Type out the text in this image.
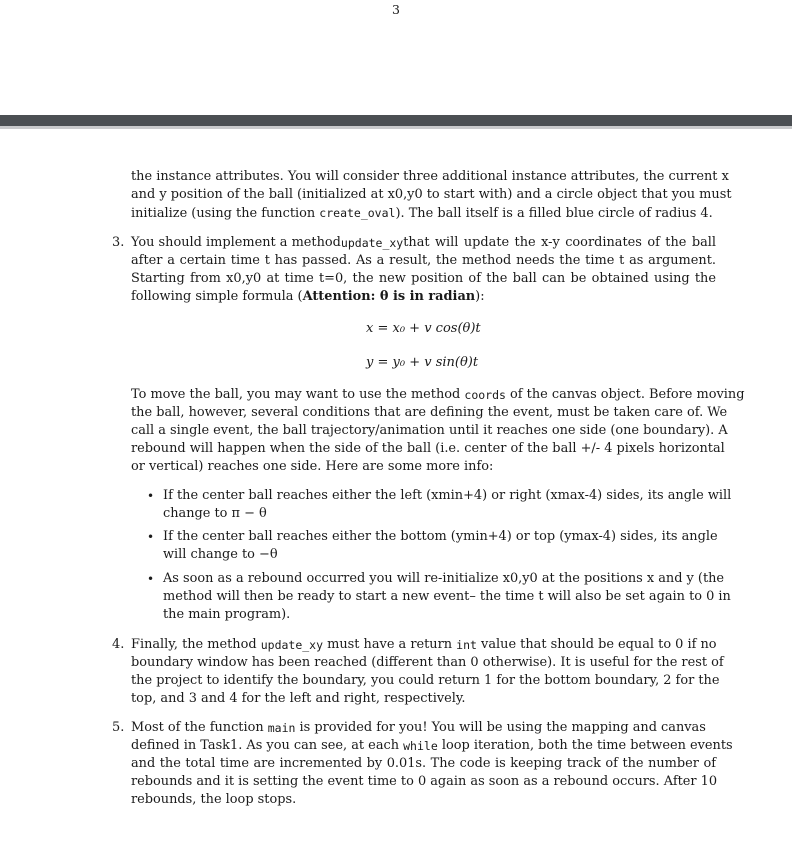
3
the instance attributes. You will consider three additional instance attributes, the current x
and y position of the ball (initialized at x0,y0 to start with) and a circle object that you must
initialize (using the function create_oval). The ball itself is a filled blue circle of radius 4.
3. You should implement a method update_xy that will update the x-y coordinates of the ball
after a certain time t has passed. As a result, the method needs the time t as argument.
Starting from x0,y0 at time t=0, the new position of the ball can be obtained using the
following simple formula (Attention: θ is in radian):
x = x₀ + v cos(θ)t
y = y₀ + v sin(θ)t
To move the ball, you may want to use the method coords of the canvas object. Before moving
the ball, however, several conditions that are defining the event, must be taken care of. We
call a single event, the ball trajectory/animation until it reaches one side (one boundary). A
rebound will happen when the side of the ball (i.e. center of the ball +/- 4 pixels horizontal
or vertical) reaches one side. Here are some more info:
• If the center ball reaches either the left (xmin+4) or right (xmax-4) sides, its angle will
change to π − θ
• If the center ball reaches either the bottom (ymin+4) or top (ymax-4) sides, its angle
will change to −θ
• As soon as a rebound occurred you will re-initialize x0,y0 at the positions x and y (the
method will then be ready to start a new event– the time t will also be set again to 0 in
the main program).
4. Finally, the method update_xy must have a return int value that should be equal to 0 if no
boundary window has been reached (different than 0 otherwise). It is useful for the rest of
the project to identify the boundary, you could return 1 for the bottom boundary, 2 for the
top, and 3 and 4 for the left and right, respectively.
5. Most of the function main is provided for you! You will be using the mapping and canvas
defined in Task1. As you can see, at each while loop iteration, both the time between events
and the total time are incremented by 0.01s. The code is keeping track of the number of
rebounds and it is setting the event time to 0 again as soon as a rebound occurs. After 10
rebounds, the loop stops.
